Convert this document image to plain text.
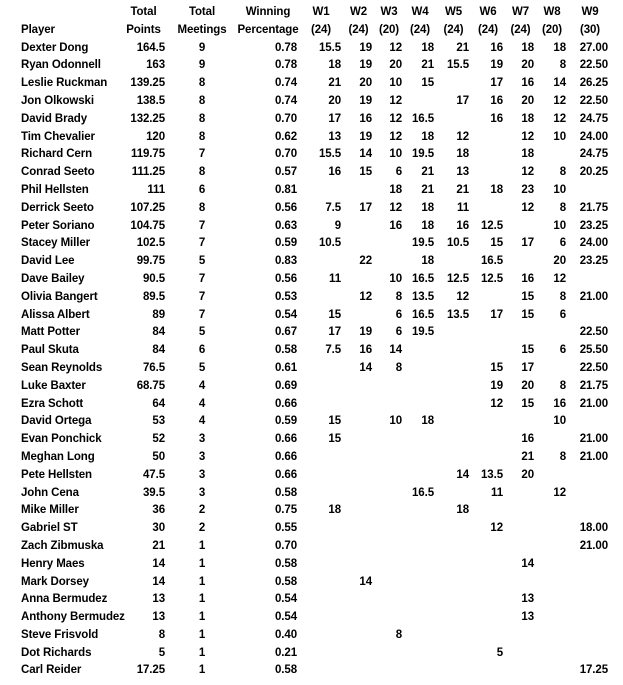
	Total	Total	Winning	W1	W2	W3	W4	W5	W6	W7	W8	W9
Player	Points	Meetings	Percentage	(24)	(24)	(20)	(24)	(24)	(24)	(24)	(20)	(30)
Dexter Dong	164.5	9	0.78	15.5	19	12	18	21	16	18	18	27.00
Ryan Odonnell	163	9	0.78	18	19	20	21	15.5	19	20	8	22.50
Leslie Ruckman	139.25	8	0.74	21	20	10	15		17	16	14	26.25
Jon Olkowski	138.5	8	0.74	20	19	12		17	16	20	12	22.50
David Brady	132.25	8	0.70	17	16	12	16.5		16	18	12	24.75
Tim Chevalier	120	8	0.62	13	19	12	18	12		12	10	24.00
Richard Cern	119.75	7	0.70	15.5	14	10	19.5	18		18		24.75
Conrad Seeto	111.25	8	0.57	16	15	6	21	13		12	8	20.25
Phil Hellsten	111	6	0.81			18	21	21	18	23	10	
Derrick Seeto	107.25	8	0.56	7.5	17	12	18	11		12	8	21.75
Peter Soriano	104.75	7	0.63	9		16	18	16	12.5		10	23.25
Stacey Miller	102.5	7	0.59	10.5			19.5	10.5	15	17	6	24.00
David Lee	99.75	5	0.83		22		18		16.5		20	23.25
Dave Bailey	90.5	7	0.56	11		10	16.5	12.5	12.5	16	12	
Olivia Bangert	89.5	7	0.53		12	8	13.5	12		15	8	21.00
Alissa Albert	89	7	0.54	15		6	16.5	13.5	17	15	6	
Matt Potter	84	5	0.67	17	19	6	19.5					22.50
Paul Skuta	84	6	0.58	7.5	16	14				15	6	25.50
Sean Reynolds	76.5	5	0.61		14	8			15	17		22.50
Luke Baxter	68.75	4	0.69						19	20	8	21.75
Ezra Schott	64	4	0.66						12	15	16	21.00
David Ortega	53	4	0.59	15		10	18				10	
Evan Ponchick	52	3	0.66	15						16		21.00
Meghan Long	50	3	0.66							21	8	21.00
Pete Hellsten	47.5	3	0.66					14	13.5	20		
John Cena	39.5	3	0.58				16.5		11		12	
Mike Miller	36	2	0.75	18				18				
Gabriel ST	30	2	0.55						12			18.00
Zach Zibmuska	21	1	0.70									21.00
Henry Maes	14	1	0.58							14		
Mark Dorsey	14	1	0.58		14							
Anna Bermudez	13	1	0.54							13		
Anthony Bermudez	13	1	0.54							13		
Steve Frisvold	8	1	0.40			8						
Dot Richards	5	1	0.21						5			
Carl Reider	17.25	1	0.58									17.25
